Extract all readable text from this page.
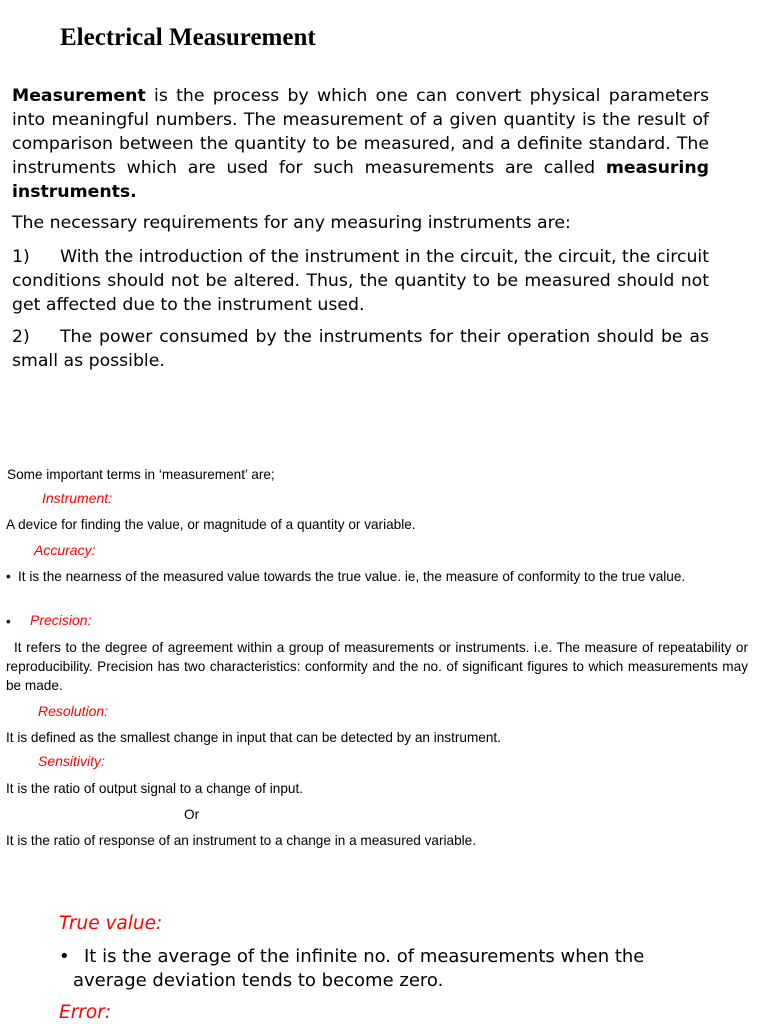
Electrical Measurement
Measurement is the process by which one can convert physical parameters into meaningful numbers. The measurement of a given quantity is the result of comparison between the quantity to be measured, and a definite standard. The instruments which are used for such measurements are called measuring instruments.
The necessary requirements for any measuring instruments are:
1) With the introduction of the instrument in the circuit, the circuit, the circuit conditions should not be altered. Thus, the quantity to be measured should not get affected due to the instrument used.
2) The power consumed by the instruments for their operation should be as small as possible.
Some important terms in ‘measurement’ are;
Instrument:
A device for finding the value, or magnitude of a quantity or variable.
Accuracy:
• It is the nearness of the measured value towards the true value. ie, the measure of conformity to the true value.
• Precision:
It refers to the degree of agreement within a group of measurements or instruments. i.e. The measure of repeatability or reproducibility. Precision has two characteristics: conformity and the no. of significant figures to which measurements may be made.
Resolution:
It is defined as the smallest change in input that can be detected by an instrument.
Sensitivity:
It is the ratio of output signal to a change of input.
Or
It is the ratio of response of an instrument to a change in a measured variable.
True value:
• It is the average of the infinite no. of measurements when the average deviation tends to become zero.
Error:
